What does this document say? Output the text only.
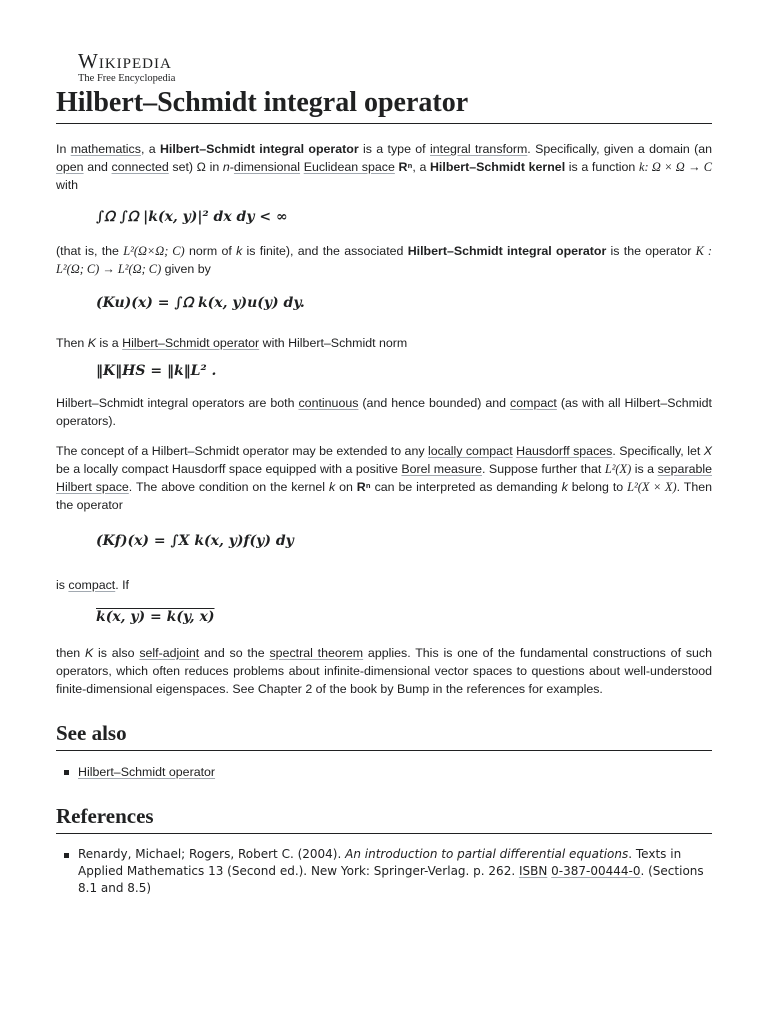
Wikipedia
The Free Encyclopedia
Hilbert–Schmidt integral operator

In mathematics, a Hilbert–Schmidt integral operator is a type of integral transform. Specifically, given a domain (an open and connected set) Ω in n-dimensional Euclidean space Rⁿ, a Hilbert–Schmidt kernel is a function k: Ω × Ω → C with

∫ᘯ ∫ᘯ |k(x, y)|² dx dy < ∞

(that is, the L²(Ω×Ω; C) norm of k is finite), and the associated Hilbert–Schmidt integral operator is the operator K : L²(Ω; C) → L²(Ω; C) given by

(Ku)(x) = ∫ᘯ k(x, y)u(y) dy.

Then K is a Hilbert–Schmidt operator with Hilbert–Schmidt norm

‖K‖HS = ‖k‖L² .

Hilbert–Schmidt integral operators are both continuous (and hence bounded) and compact (as with all Hilbert–Schmidt operators).

The concept of a Hilbert–Schmidt operator may be extended to any locally compact Hausdorff spaces. Specifically, let X be a locally compact Hausdorff space equipped with a positive Borel measure. Suppose further that L²(X) is a separable Hilbert space. The above condition on the kernel k on Rⁿ can be interpreted as demanding k belong to L²(X × X). Then the operator

(Kf)(x) = ∫X k(x, y)f(y) dy

is compact. If

k(x, y) = k(y, x)

then K is also self-adjoint and so the spectral theorem applies. This is one of the fundamental constructions of such operators, which often reduces problems about infinite-dimensional vector spaces to questions about well-understood finite-dimensional eigenspaces. See Chapter 2 of the book by Bump in the references for examples.

See also
Hilbert–Schmidt operator
References
Renardy, Michael; Rogers, Robert C. (2004). An introduction to partial differential equations. Texts in Applied Mathematics 13 (Second ed.). New York: Springer-Verlag. p. 262. ISBN 0-387-00444-0. (Sections 8.1 and 8.5)
